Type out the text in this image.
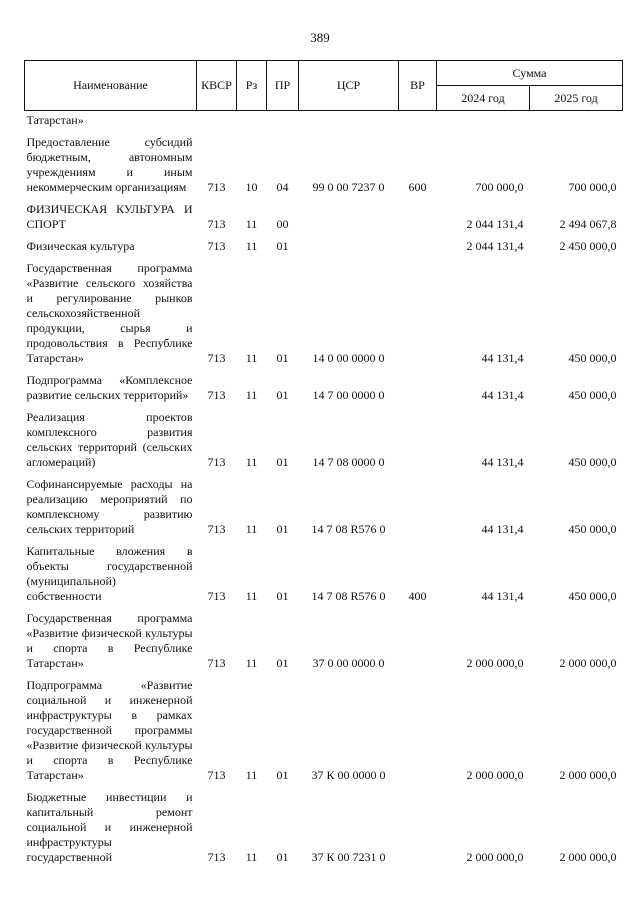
389
Наименование	КВСР	Рз	ПР	ЦСР	ВР	Сумма	
						2024 год	2025 год
Татарстан»							

Предоставление субсидий бюджетным, автономным учреждениям и иным некоммерческим организациям	713	10	04	99 0 00 7237 0	600	700 000,0	700 000,0

ФИЗИЧЕСКАЯ КУЛЬТУРА И СПОРТ	713	11	00			2 044 131,4	2 494 067,8

Физическая культура	713	11	01			2 044 131,4	2 450 000,0

Государственная программа «Развитие сельского хозяйства и регулирование рынков сельскохозяйственной продукции, сырья и продовольствия в Республике Татарстан»	713	11	01	14 0 00 0000 0		44 131,4	450 000,0

Подпрограмма «Комплексное развитие сельских территорий»	713	11	01	14 7 00 0000 0		44 131,4	450 000,0

Реализация проектов комплексного развития сельских территорий (сельских агломераций)	713	11	01	14 7 08 0000 0		44 131,4	450 000,0

Софинансируемые расходы на реализацию мероприятий по комплексному развитию сельских территорий	713	11	01	14 7 08 R576 0		44 131,4	450 000,0

Капитальные вложения в объекты государственной (муниципальной) собственности	713	11	01	14 7 08 R576 0	400	44 131,4	450 000,0

Государственная программа «Развитие физической культуры и спорта в Республике Татарстан»	713	11	01	37 0 00 0000 0		2 000 000,0	2 000 000,0

Подпрограмма «Развитие социальной и инженерной инфраструктуры в рамках государственной программы «Развитие физической культуры и спорта в Республике Татарстан»	713	11	01	37 К 00 0000 0		2 000 000,0	2 000 000,0

Бюджетные инвестиции и капитальный ремонт социальной и инженерной инфраструктуры государственной	713	11	01	37 К 00 7231 0		2 000 000,0	2 000 000,0
